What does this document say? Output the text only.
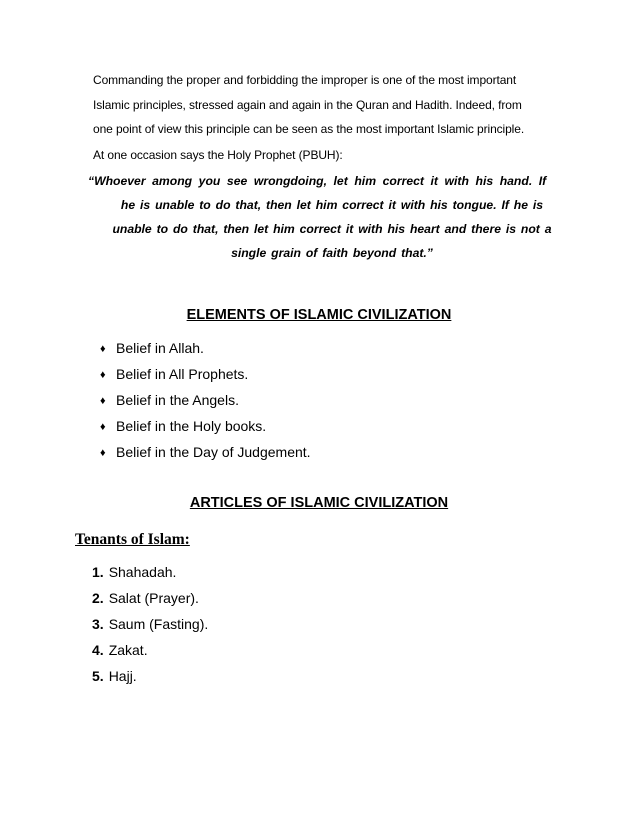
Commanding the proper and forbidding the improper is one of the most important
Islamic principles, stressed again and again in the Quran and Hadith. Indeed, from
one point of view this principle can be seen as the most important Islamic principle.
At one occasion says the Holy Prophet (PBUH):
“Whoever among you see wrongdoing, let him correct it with his hand. If
he is unable to do that, then let him correct it with his tongue. If he is
unable to do that, then let him correct it with his heart and there is not a
single grain of faith beyond that.”
ELEMENTS OF ISLAMIC CIVILIZATION
♦ Belief in Allah.
♦ Belief in All Prophets.
♦ Belief in the Angels.
♦ Belief in the Holy books.
♦ Belief in the Day of Judgement.
ARTICLES OF ISLAMIC CIVILIZATION
Tenants of Islam:
1. Shahadah.
2. Salat (Prayer).
3. Saum (Fasting).
4. Zakat.
5. Hajj.
